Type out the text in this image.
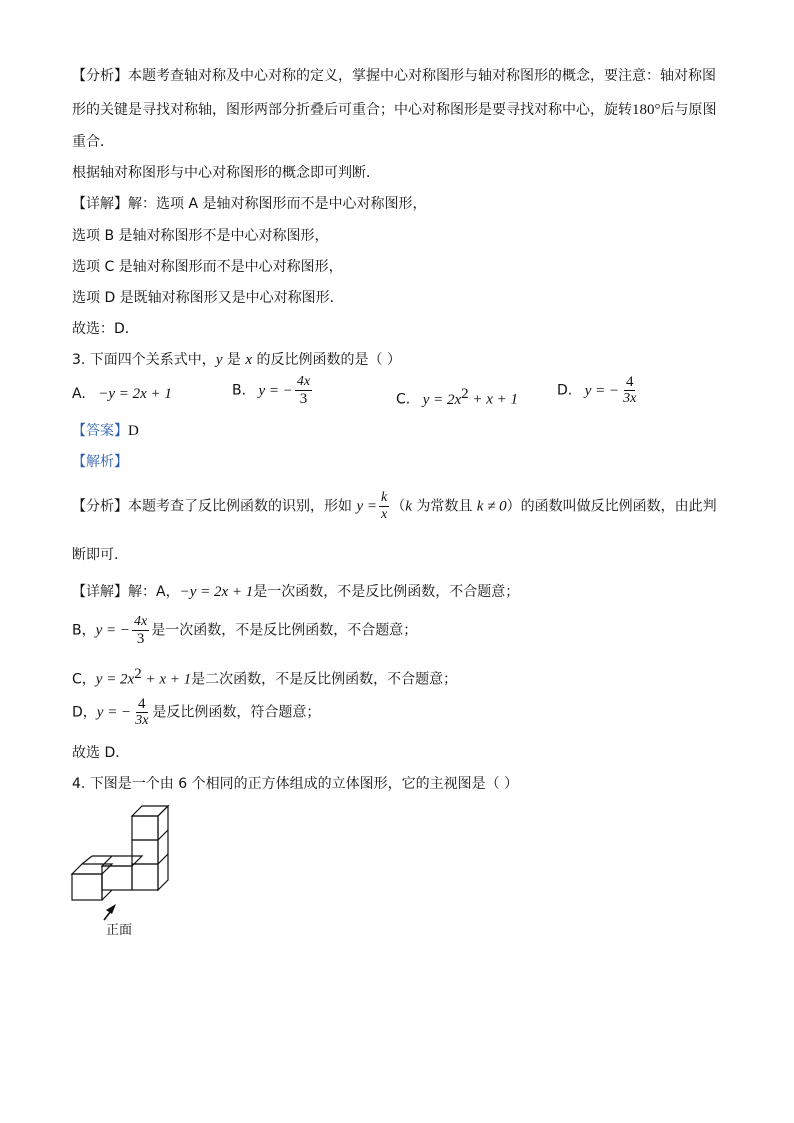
【分析】本题考查轴对称及中心对称的定义，掌握中心对称图形与轴对称图形的概念，要注意：轴对称图
形的关键是寻找对称轴，图形两部分折叠后可重合；中心对称图形是要寻找对称中心，旋转180°后与原图
重合．
根据轴对称图形与中心对称图形的概念即可判断．
【详解】解：选项 A 是轴对称图形而不是中心对称图形，
选项 B 是轴对称图形不是中心对称图形，
选项 C 是轴对称图形而不是中心对称图形，
选项 D 是既轴对称图形又是中心对称图形．
故选：D．
3. 下面四个关系式中，y 是 x 的反比例函数的是（ ）
A. −y = 2x + 1	B. y = − $\frac{4x}{3}$	C. $y = 2x^2 + x + 1$
D. y = − $\frac{4}{3x}$
【答案】D
【解析】
【分析】本题考查了反比例函数的识别，形如 $y = \frac{k}{x} (k$ 为常数且 k ≠ 0）的函数叫做反比例函数，由此判
断即可．
【详解】解：A，−y = 2x + 1是一次函数，不是反比例函数，不合题意；
B，y = − $\frac{4x}{3}$ 是一次函数，不是反比例函数，不合题意；
C，$y = 2x^2 + x + 1$是二次函数，不是反比例函数，不合题意；
D，y = − $\frac{4}{3x}$ 是反比例函数，符合题意；
故选 D．
4. 下图是一个由 6 个相同的正方体组成的立体图形，它的主视图是（ ）
正面
